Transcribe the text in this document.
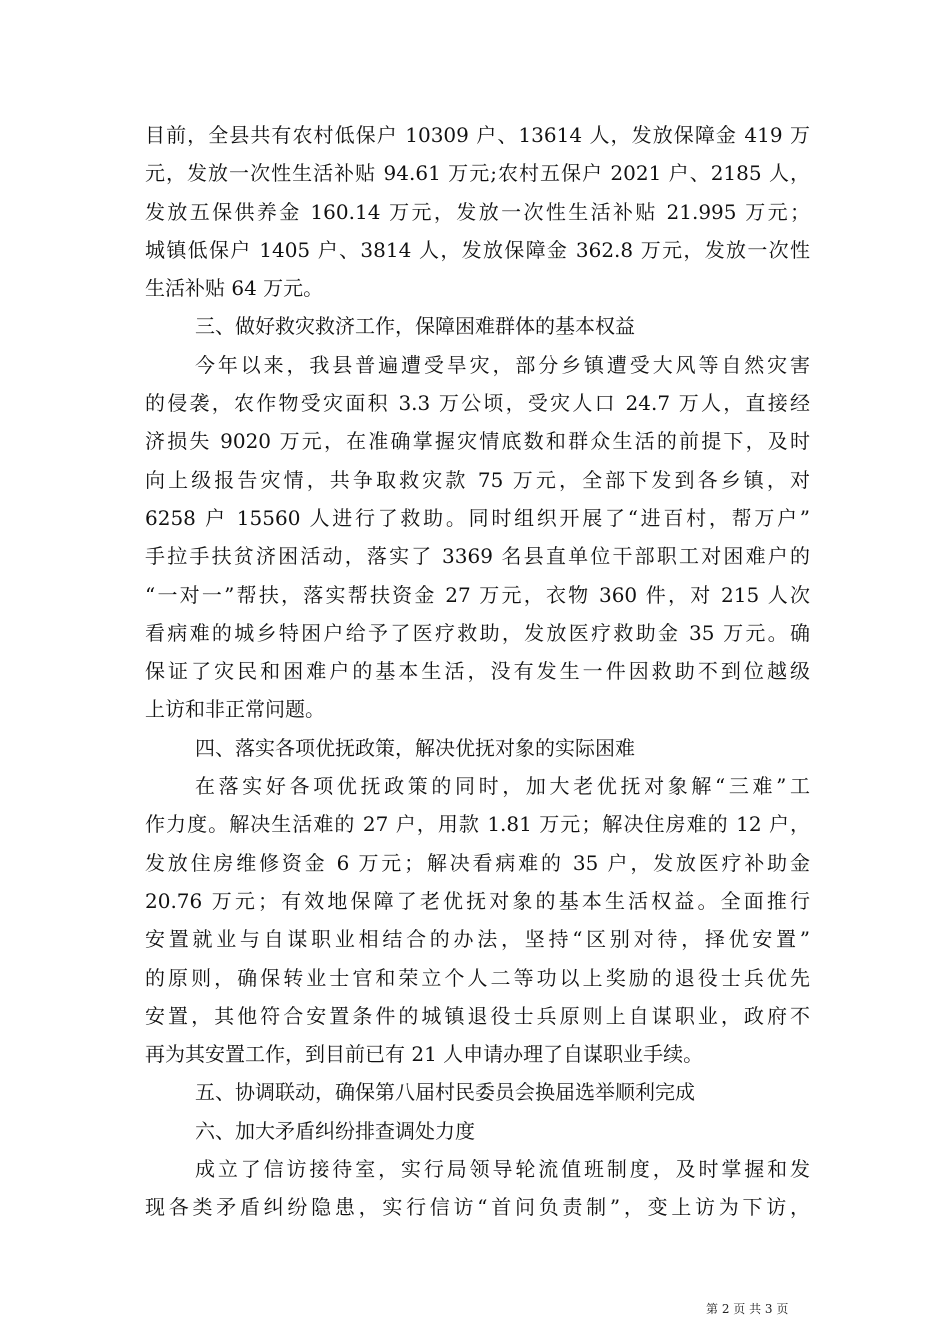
目前，全县共有农村低保户 10309 户、13614 人，发放保障金 419 万
元，发放一次性生活补贴 94.61 万元;农村五保户 2021 户、2185 人，
发放五保供养金 160.14 万元，发放一次性生活补贴 21.995 万元；
城镇低保户 1405 户、3814 人，发放保障金 362.8 万元，发放一次性
生活补贴 64 万元。
三、做好救灾救济工作，保障困难群体的基本权益
今年以来，我县普遍遭受旱灾，部分乡镇遭受大风等自然灾害
的侵袭，农作物受灾面积 3.3 万公顷，受灾人口 24.7 万人，直接经
济损失 9020 万元，在准确掌握灾情底数和群众生活的前提下，及时
向上级报告灾情，共争取救灾款 75 万元，全部下发到各乡镇，对
6258 户 15560 人进行了救助。同时组织开展了“进百村，帮万户”
手拉手扶贫济困活动，落实了 3369 名县直单位干部职工对困难户的
“一对一”帮扶，落实帮扶资金 27 万元，衣物 360 件，对 215 人次
看病难的城乡特困户给予了医疗救助，发放医疗救助金 35 万元。确
保证了灾民和困难户的基本生活，没有发生一件因救助不到位越级
上访和非正常问题。
四、落实各项优抚政策，解决优抚对象的实际困难
在落实好各项优抚政策的同时，加大老优抚对象解“三难”工
作力度。解决生活难的 27 户，用款 1.81 万元；解决住房难的 12 户，
发放住房维修资金 6 万元；解决看病难的 35 户，发放医疗补助金
20.76 万元；有效地保障了老优抚对象的基本生活权益。全面推行
安置就业与自谋职业相结合的办法，坚持“区别对待，择优安置”
的原则，确保转业士官和荣立个人二等功以上奖励的退役士兵优先
安置，其他符合安置条件的城镇退役士兵原则上自谋职业，政府不
再为其安置工作，到目前已有 21 人申请办理了自谋职业手续。
五、协调联动，确保第八届村民委员会换届选举顺利完成
六、加大矛盾纠纷排查调处力度
成立了信访接待室，实行局领导轮流值班制度，及时掌握和发
现各类矛盾纠纷隐患，实行信访“首问负责制”，变上访为下访，
第 2 页 共 3 页
